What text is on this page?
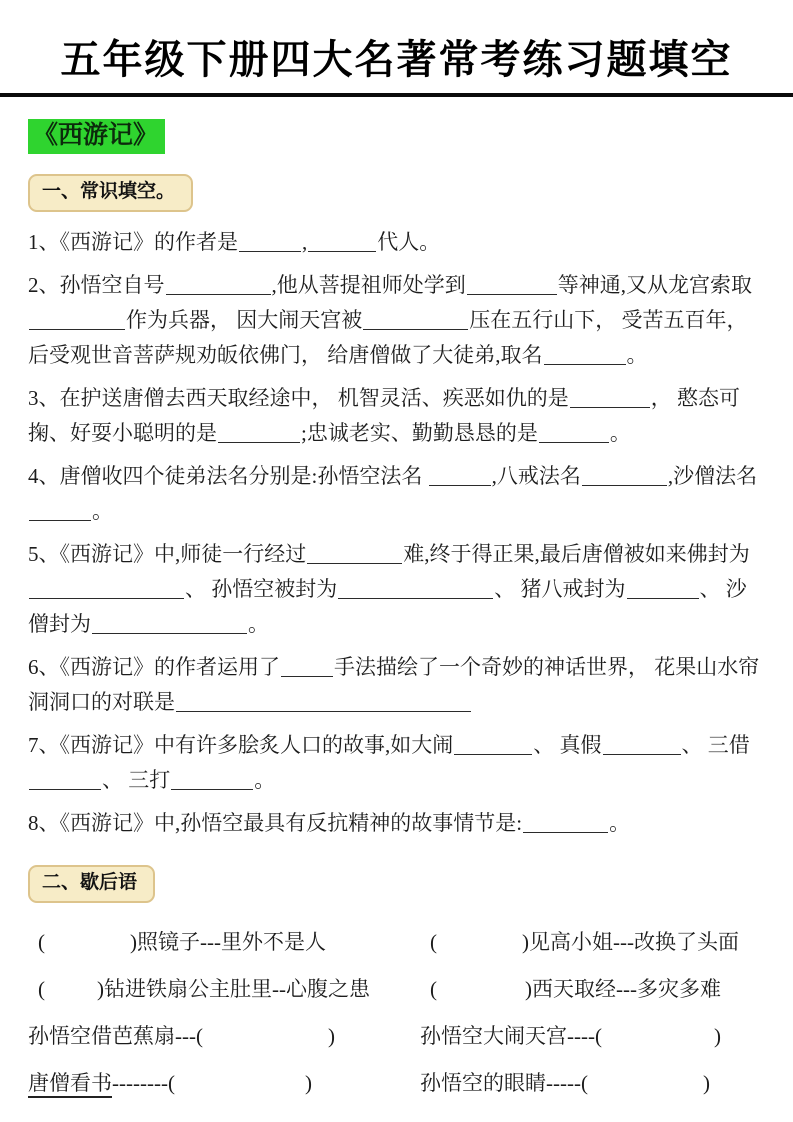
五年级下册四大名著常考练习题填空
《西游记》
一、常识填空。

1、《西游记》的作者是	,	代人。

2、孙悟空自号	,他从菩提祖师处学到	等神通,又从龙宫索取作为兵器， 因大闹天宫被	压在五行山下， 受苦五百年， 后受观世音菩萨规劝皈依佛门， 给唐僧做了大徒弟,取名	。

3、在护送唐僧去西天取经途中， 机智灵活、疾恶如仇的是	， 憨态可掬、好耍小聪明的是	;忠诚老实、勤勤恳恳的是	。

4、唐僧收四个徒弟法名分别是:孙悟空法名	,八戒法名	,沙僧法名。

5、《西游记》中,师徒一行经过	难,终于得正果,最后唐僧被如来佛封为、 孙悟空被封为	、 猪八戒封为	、 沙僧封为	。

6、《西游记》的作者运用了	手法描绘了一个奇妙的神话世界， 花果山水帘洞洞口的对联是

7、《西游记》中有许多脍炙人口的故事,如大闹	、 真假	、 三借、 三打	。

8、《西游记》中,孙悟空最具有反抗精神的故事情节是:	。

二、歇后语
(	)照镜子---里外不是人	(	)见高小姐---改换了头面
( )钻进铁扇公主肚里--心腹之患	(	)西天取经---多灾多难
孙悟空借芭蕉扇---(	)	孙悟空大闹天宫----(	)
唐僧看书--------(	)	孙悟空的眼睛-----(	)
